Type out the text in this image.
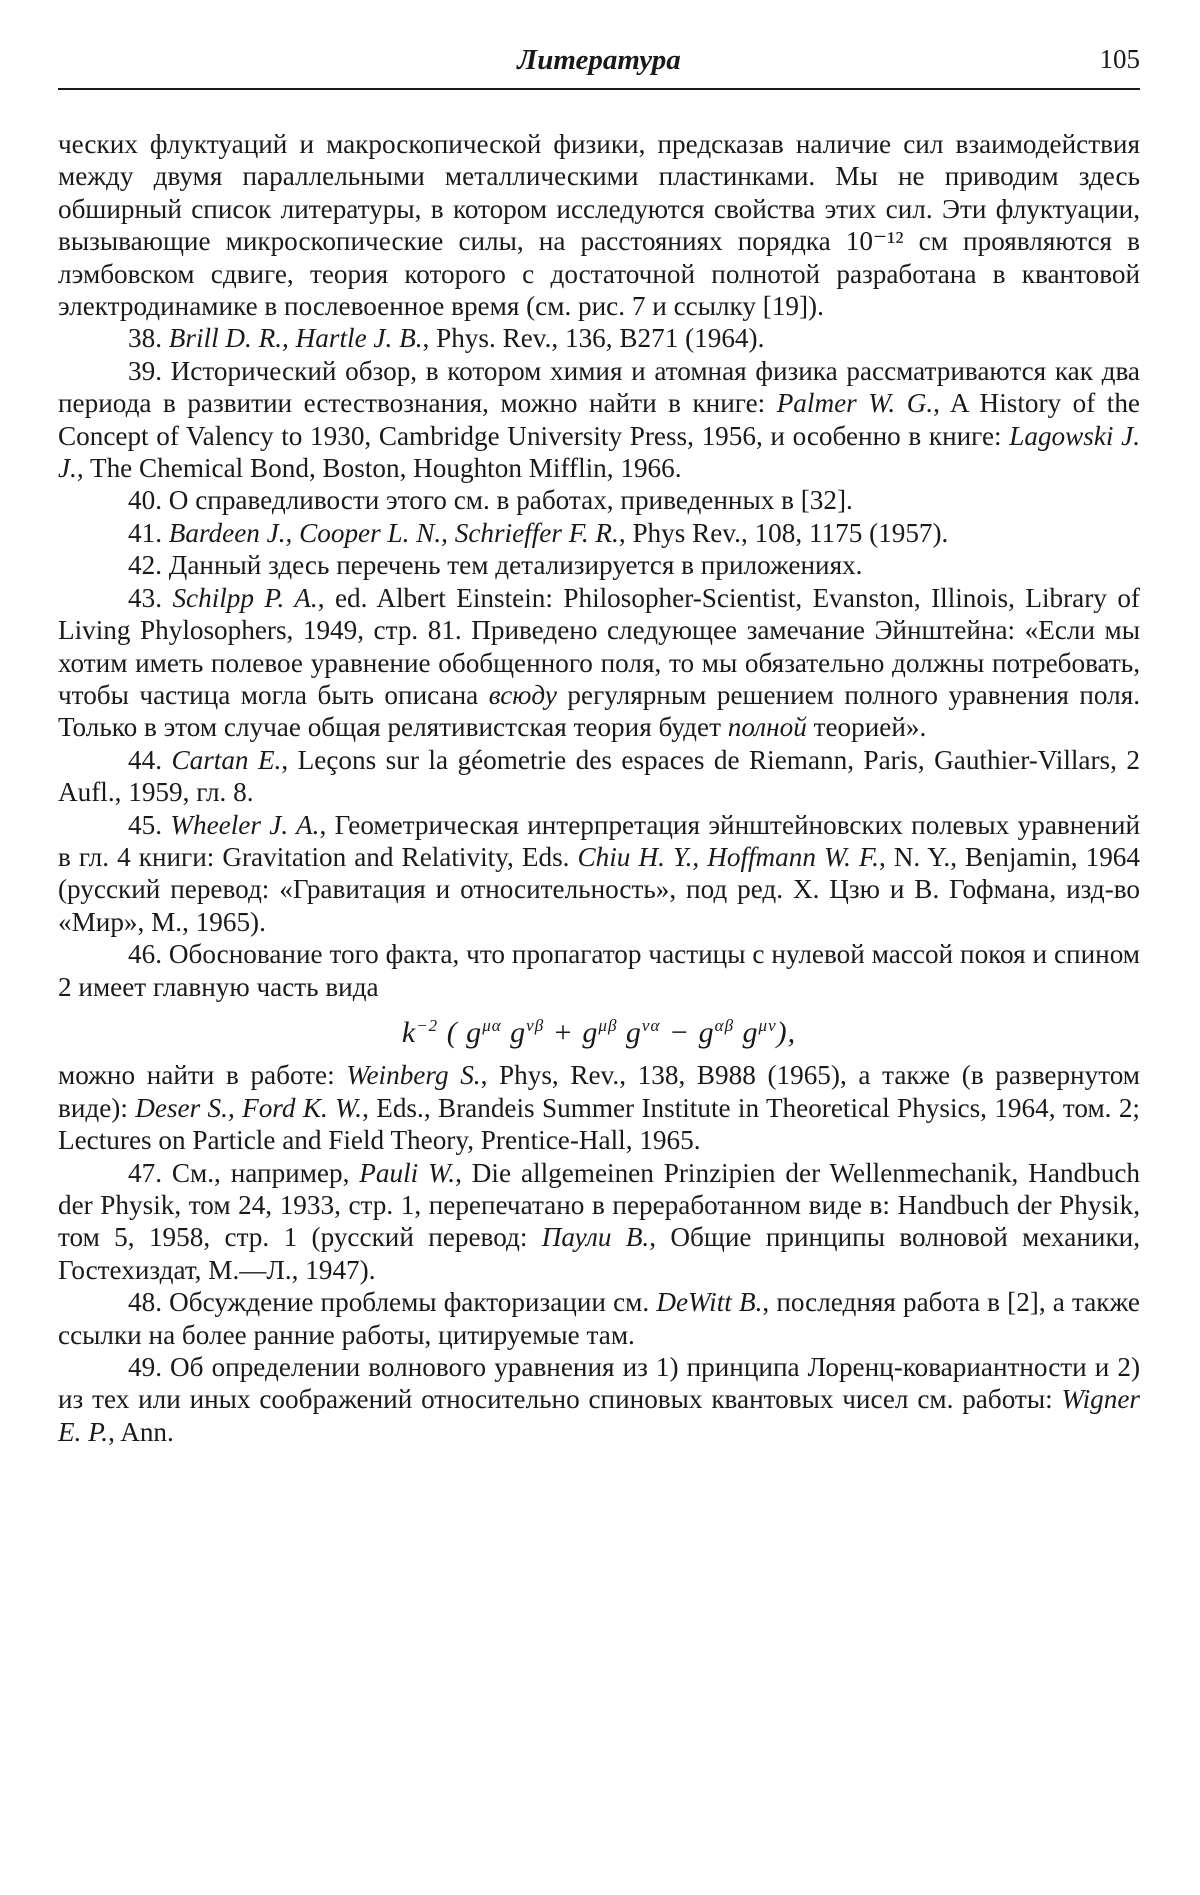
Литература	105

ческих флуктуаций и макроскопической физики, предсказав наличие сил взаимодействия между двумя параллельными металлическими пластинками. Мы не приводим здесь обширный список литературы, в котором исследуются свойства этих сил. Эти флуктуации, вызывающие микроскопические силы, на расстояниях порядка 10⁻¹² см проявляются в лэмбовском сдвиге, теория которого с достаточной полнотой разработана в квантовой электродинамике в послевоенное время (см. рис. 7 и ссылку [19]).

38. Brill D. R., Hartle J. B., Phys. Rev., 136, B271 (1964).

39. Исторический обзор, в котором химия и атомная физика рассматриваются как два периода в развитии естествознания, можно найти в книге: Palmer W. G., A History of the Concept of Valency to 1930, Cambridge University Press, 1956, и особенно в книге: Lagowski J. J., The Chemical Bond, Boston, Houghton Mifflin, 1966.

40. О справедливости этого см. в работах, приведенных в [32].

41. Bardeen J., Cooper L. N., Schrieffer F. R., Phys Rev., 108, 1175 (1957).

42. Данный здесь перечень тем детализируется в приложениях.

43. Schilpp P. A., ed. Albert Einstein: Philosopher-Scientist, Evanston, Illinois, Library of Living Phylosophers, 1949, стр. 81. Приведено следующее замечание Эйнштейна: «Если мы хотим иметь полевое уравнение обобщенного поля, то мы обязательно должны потребовать, чтобы частица могла быть описана всюду регулярным решением полного уравнения поля. Только в этом случае общая релятивистская теория будет полной теорией».

44. Cartan E., Leçons sur la géometrie des espaces de Riemann, Paris, Gauthier-Villars, 2 Aufl., 1959, гл. 8.

45. Wheeler J. A., Геометрическая интерпретация эйнштейновских полевых уравнений в гл. 4 книги: Gravitation and Relativity, Eds. Chiu H. Y., Hoffmann W. F., N. Y., Benjamin, 1964 (русский перевод: «Гравитация и относительность», под ред. Х. Цзю и В. Гофмана, изд-во «Мир», М., 1965).

46. Обоснование того факта, что пропагатор частицы с нулевой массой покоя и спином 2 имеет главную часть вида

$k^{-2}$ ( $g^{\mu\alpha}$ $g^{\nu\beta} + g^{\mu\beta}$ $g^{\nu\alpha} - g^{\alpha\beta}$ $g^{\mu\nu}$),

можно найти в работе: Weinberg S., Phys, Rev., 138, B988 (1965), а также (в развернутом виде): Deser S., Ford K. W., Eds., Brandeis Summer Institute in Theoretical Physics, 1964, том. 2; Lectures on Particle and Field Theory, Prentice-Hall, 1965.

47. См., например, Pauli W., Die allgemeinen Prinzipien der Wellenmechanik, Handbuch der Physik, том 24, 1933, стр. 1, перепечатано в переработанном виде в: Handbuch der Physik, том 5, 1958, стр. 1 (русский перевод: Паули В., Общие принципы волновой механики, Гостехиздат, М.—Л., 1947).

48. Обсуждение проблемы факторизации см. DeWitt B., последняя работа в [2], а также ссылки на более ранние работы, цитируемые там.

49. Об определении волнового уравнения из 1) принципа Лоренц-ковариантности и 2) из тех или иных соображений относительно спиновых квантовых чисел см. работы: Wigner E. P., Ann.
